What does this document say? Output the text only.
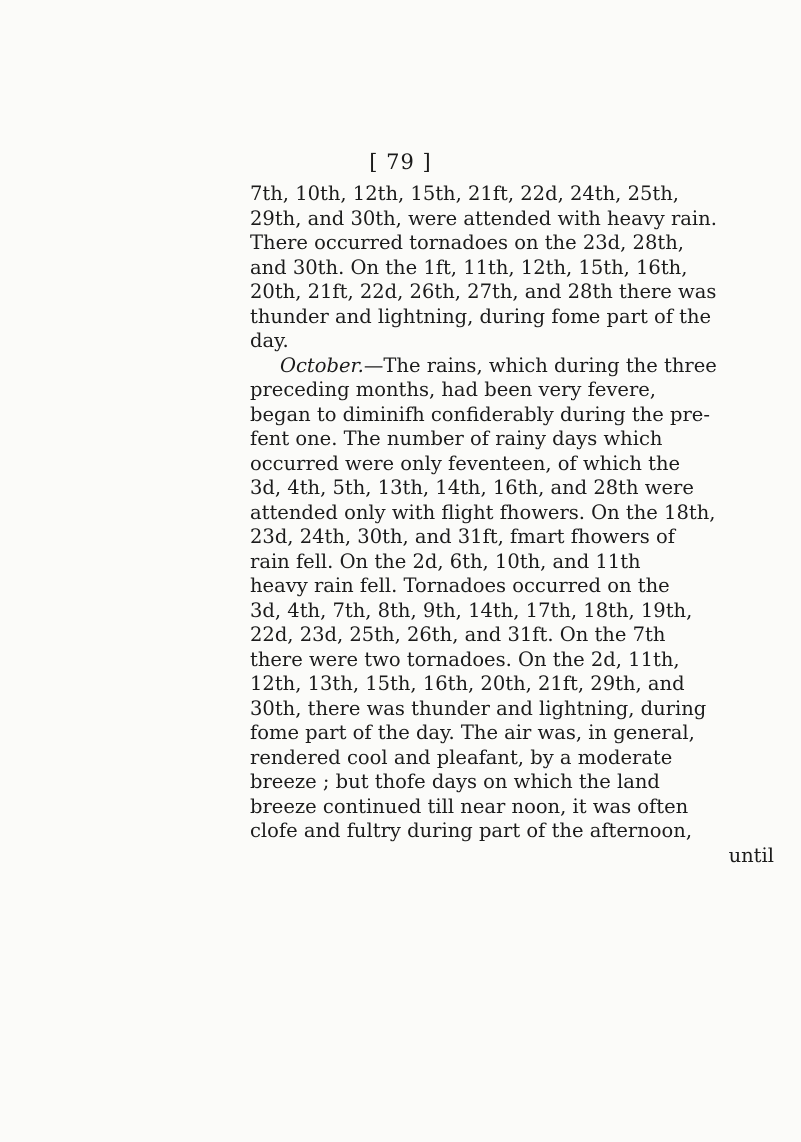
[ 79 ]
7th, 10th, 12th, 15th, 21ft, 22d, 24th, 25th,
29th, and 30th, were attended with heavy rain.
There occurred tornadoes on the 23d, 28th,
and 30th. On the 1ft, 11th, 12th, 15th, 16th,
20th, 21ft, 22d, 26th, 27th, and 28th there was
thunder and lightning, during fome part of the
day.
October.—The rains, which during the three
preceding months, had been very fevere,
began to diminifh confiderably during the pre-
fent one. The number of rainy days which
occurred were only feventeen, of which the
3d, 4th, 5th, 13th, 14th, 16th, and 28th were
attended only with flight fhowers. On the 18th,
23d, 24th, 30th, and 31ft, fmart fhowers of
rain fell. On the 2d, 6th, 10th, and 11th
heavy rain fell. Tornadoes occurred on the
3d, 4th, 7th, 8th, 9th, 14th, 17th, 18th, 19th,
22d, 23d, 25th, 26th, and 31ft. On the 7th
there were two tornadoes. On the 2d, 11th,
12th, 13th, 15th, 16th, 20th, 21ft, 29th, and
30th, there was thunder and lightning, during
fome part of the day. The air was, in general,
rendered cool and pleafant, by a moderate
breeze ; but thofe days on which the land
breeze continued till near noon, it was often
clofe and fultry during part of the afternoon,
until
